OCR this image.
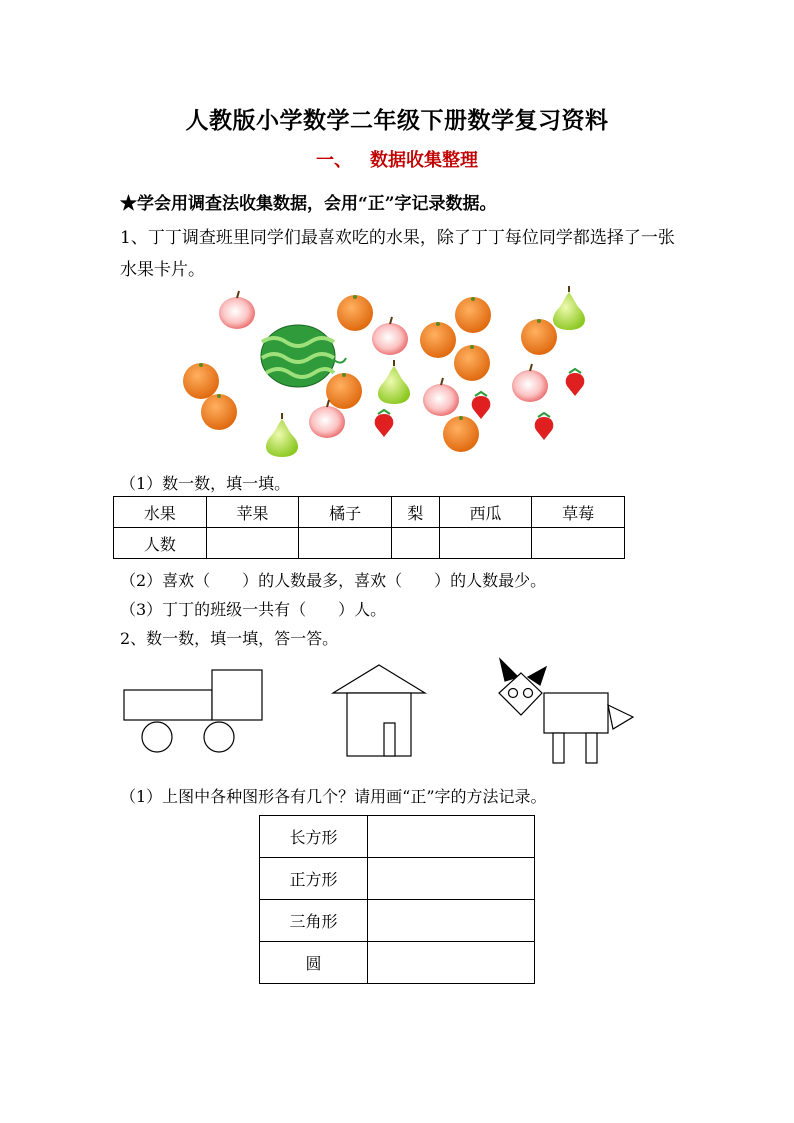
人教版小学数学二年级下册数学复习资料
一、 数据收集整理
★学会用调查法收集数据，会用“正”字记录数据。
1、丁丁调查班里同学们最喜欢吃的水果，除了丁丁每位同学都选择了一张水果卡片。
（1）数一数，填一填。
水果	苹果	橘子	梨	西瓜	草莓
人数					
（2）喜欢（　　）的人数最多，喜欢（　　）的人数最少。
（3）丁丁的班级一共有（　　）人。
2、数一数，填一填，答一答。
（1）上图中各种图形各有几个？请用画“正”字的方法记录。
长方形	
正方形	
三角形	
圆	
